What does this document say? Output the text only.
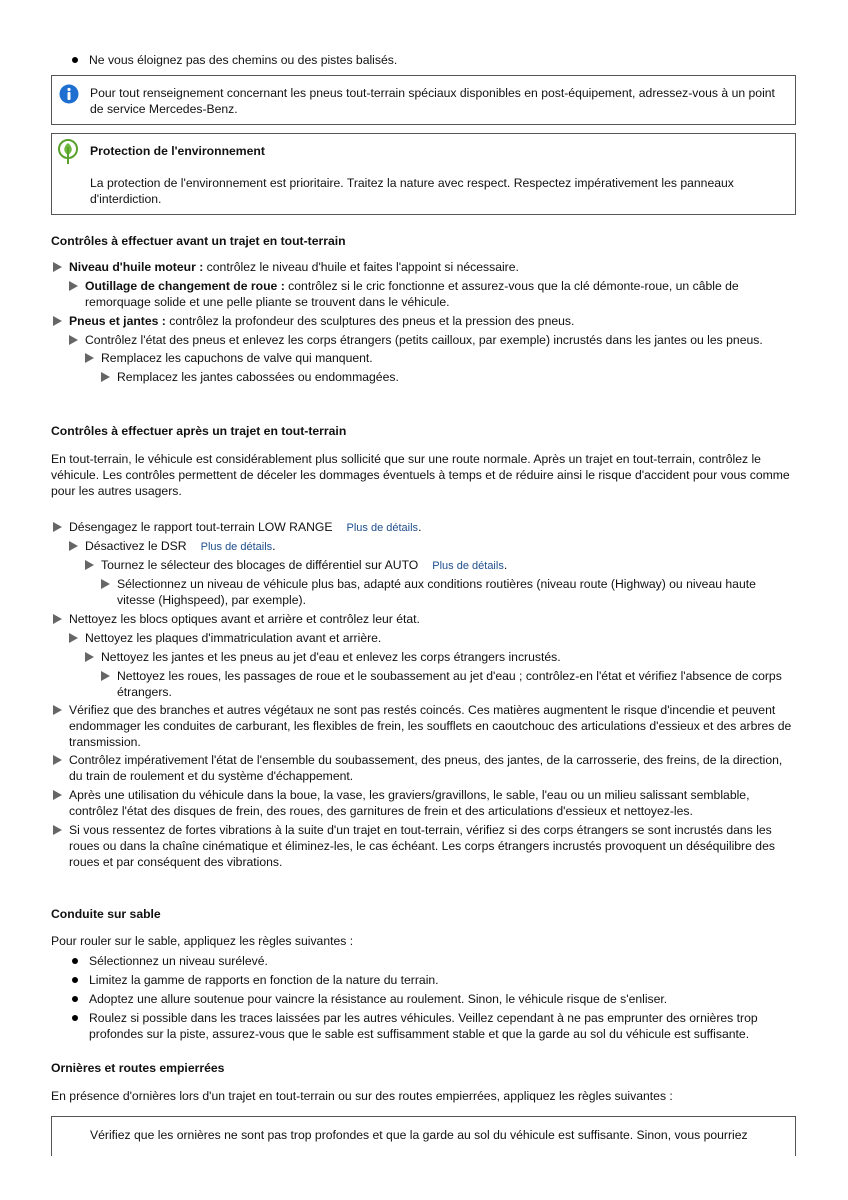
Ne vous éloignez pas des chemins ou des pistes balisés.
Pour tout renseignement concernant les pneus tout-terrain spéciaux disponibles en post-équipement, adressez-vous à un point de service Mercedes-Benz.
Protection de l'environnement
La protection de l'environnement est prioritaire. Traitez la nature avec respect. Respectez impérativement les panneaux d'interdiction.
Contrôles à effectuer avant un trajet en tout-terrain
Niveau d'huile moteur : contrôlez le niveau d'huile et faites l'appoint si nécessaire.
Outillage de changement de roue : contrôlez si le cric fonctionne et assurez-vous que la clé démonte-roue, un câble de remorquage solide et une pelle pliante se trouvent dans le véhicule.
Pneus et jantes : contrôlez la profondeur des sculptures des pneus et la pression des pneus.
Contrôlez l'état des pneus et enlevez les corps étrangers (petits cailloux, par exemple) incrustés dans les jantes ou les pneus.
Remplacez les capuchons de valve qui manquent.
Remplacez les jantes cabossées ou endommagées.
Contrôles à effectuer après un trajet en tout-terrain
En tout-terrain, le véhicule est considérablement plus sollicité que sur une route normale. Après un trajet en tout-terrain, contrôlez le véhicule. Les contrôles permettent de déceler les dommages éventuels à temps et de réduire ainsi le risque d'accident pour vous comme pour les autres usagers.
Désengagez le rapport tout-terrain LOW RANGE Plus de détails.
Désactivez le DSR Plus de détails.
Tournez le sélecteur des blocages de différentiel sur AUTO Plus de détails.
Sélectionnez un niveau de véhicule plus bas, adapté aux conditions routières (niveau route (Highway) ou niveau haute vitesse (Highspeed), par exemple).
Nettoyez les blocs optiques avant et arrière et contrôlez leur état.
Nettoyez les plaques d'immatriculation avant et arrière.
Nettoyez les jantes et les pneus au jet d'eau et enlevez les corps étrangers incrustés.
Nettoyez les roues, les passages de roue et le soubassement au jet d'eau ; contrôlez-en l'état et vérifiez l'absence de corps étrangers.
Vérifiez que des branches et autres végétaux ne sont pas restés coincés. Ces matières augmentent le risque d'incendie et peuvent endommager les conduites de carburant, les flexibles de frein, les soufflets en caoutchouc des articulations d'essieux et des arbres de transmission.
Contrôlez impérativement l'état de l'ensemble du soubassement, des pneus, des jantes, de la carrosserie, des freins, de la direction, du train de roulement et du système d'échappement.
Après une utilisation du véhicule dans la boue, la vase, les graviers/gravillons, le sable, l'eau ou un milieu salissant semblable, contrôlez l'état des disques de frein, des roues, des garnitures de frein et des articulations d'essieux et nettoyez-les.
Si vous ressentez de fortes vibrations à la suite d'un trajet en tout-terrain, vérifiez si des corps étrangers se sont incrustés dans les roues ou dans la chaîne cinématique et éliminez-les, le cas échéant. Les corps étrangers incrustés provoquent un déséquilibre des roues et par conséquent des vibrations.
Conduite sur sable
Pour rouler sur le sable, appliquez les règles suivantes :
Sélectionnez un niveau surélevé.
Limitez la gamme de rapports en fonction de la nature du terrain.
Adoptez une allure soutenue pour vaincre la résistance au roulement. Sinon, le véhicule risque de s'enliser.
Roulez si possible dans les traces laissées par les autres véhicules. Veillez cependant à ne pas emprunter des ornières trop profondes sur la piste, assurez-vous que le sable est suffisamment stable et que la garde au sol du véhicule est suffisante.
Ornières et routes empierrées
En présence d'ornières lors d'un trajet en tout-terrain ou sur des routes empierrées, appliquez les règles suivantes :
Vérifiez que les ornières ne sont pas trop profondes et que la garde au sol du véhicule est suffisante. Sinon, vous pourriez
